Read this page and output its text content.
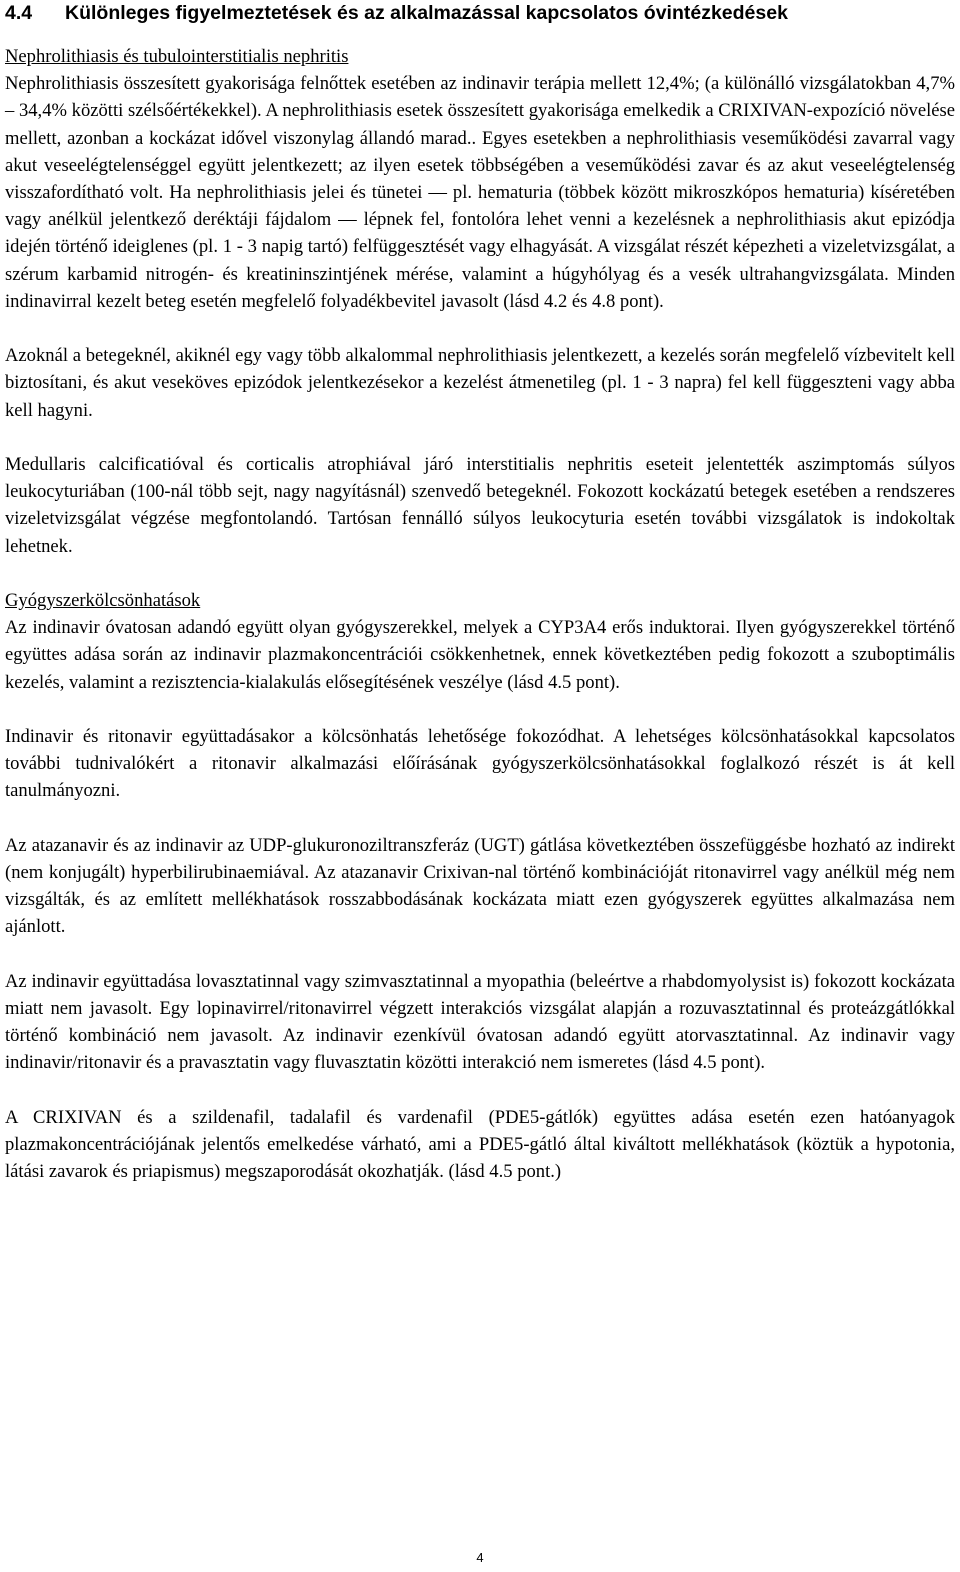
4.4	Különleges figyelmeztetések és az alkalmazással kapcsolatos óvintézkedések

Nephrolithiasis és tubulointerstitialis nephritis

Nephrolithiasis összesített gyakorisága felnőttek esetében az indinavir terápia mellett 12,4%; (a különálló vizsgálatokban 4,7% – 34,4% közötti szélsőértékekkel). A nephrolithiasis esetek összesített gyakorisága emelkedik a CRIXIVAN-expozíció növelése mellett, azonban a kockázat idővel viszonylag állandó marad.. Egyes esetekben a nephrolithiasis veseműködési zavarral vagy akut veseelégtelenséggel együtt jelentkezett; az ilyen esetek többségében a veseműködési zavar és az akut veseelégtelenség visszafordítható volt. Ha nephrolithiasis jelei és tünetei — pl. hematuria (többek között mikroszkópos hematuria) kíséretében vagy anélkül jelentkező deréktáji fájdalom — lépnek fel, fontolóra lehet venni a kezelésnek a nephrolithiasis akut epizódja idején történő ideiglenes (pl. 1 - 3 napig tartó) felfüggesztését vagy elhagyását. A vizsgálat részét képezheti a vizeletvizsgálat, a szérum karbamid nitrogén- és kreatininszintjének mérése, valamint a húgyhólyag és a vesék ultrahangvizsgálata. Minden indinavirral kezelt beteg esetén megfelelő folyadékbevitel javasolt (lásd 4.2 és 4.8 pont).

Azoknál a betegeknél, akiknél egy vagy több alkalommal nephrolithiasis jelentkezett, a kezelés során megfelelő vízbevitelt kell biztosítani, és akut veseköves epizódok jelentkezésekor a kezelést átmenetileg (pl. 1 - 3 napra) fel kell függeszteni vagy abba kell hagyni.

Medullaris calcificatióval és corticalis atrophiával járó interstitialis nephritis eseteit jelentették aszimptomás súlyos leukocyturiában (100-nál több sejt, nagy nagyításnál) szenvedő betegeknél. Fokozott kockázatú betegek esetében a rendszeres vizeletvizsgálat végzése megfontolandó. Tartósan fennálló súlyos leukocyturia esetén további vizsgálatok is indokoltak lehetnek.

Gyógyszerkölcsönhatások

Az indinavir óvatosan adandó együtt olyan gyógyszerekkel, melyek a CYP3A4 erős induktorai. Ilyen gyógyszerekkel történő együttes adása során az indinavir plazmakoncentrációi csökkenhetnek, ennek következtében pedig fokozott a szuboptimális kezelés, valamint a rezisztencia-kialakulás elősegítésének veszélye (lásd 4.5 pont).

Indinavir és ritonavir együttadásakor a kölcsönhatás lehetősége fokozódhat. A lehetséges kölcsönhatásokkal kapcsolatos további tudnivalókért a ritonavir alkalmazási előírásának gyógyszerkölcsönhatásokkal foglalkozó részét is át kell tanulmányozni.

Az atazanavir és az indinavir az UDP-glukuronoziltranszferáz (UGT) gátlása következtében összefüggésbe hozható az indirekt (nem konjugált) hyperbilirubinaemiával. Az atazanavir Crixivan-nal történő kombinációját ritonavirrel vagy anélkül még nem vizsgálták, és az említett mellékhatások rosszabbodásának kockázata miatt ezen gyógyszerek együttes alkalmazása nem ajánlott.

Az indinavir együttadása lovasztatinnal vagy szimvasztatinnal a myopathia (beleértve a rhabdomyolysist is) fokozott kockázata miatt nem javasolt. Egy lopinavirrel/ritonavirrel végzett interakciós vizsgálat alapján a rozuvasztatinnal és proteázgátlókkal történő kombináció nem javasolt. Az indinavir ezenkívül óvatosan adandó együtt atorvasztatinnal. Az indinavir vagy indinavir/ritonavir és a pravasztatin vagy fluvasztatin közötti interakció nem ismeretes (lásd 4.5 pont).

A CRIXIVAN és a szildenafil, tadalafil és vardenafil (PDE5-gátlók) együttes adása esetén ezen hatóanyagok plazmakoncentrációjának jelentős emelkedése várható, ami a PDE5-gátló által kiváltott mellékhatások (köztük a hypotonia, látási zavarok és priapismus) megszaporodását okozhatják. (lásd 4.5 pont.)

4
